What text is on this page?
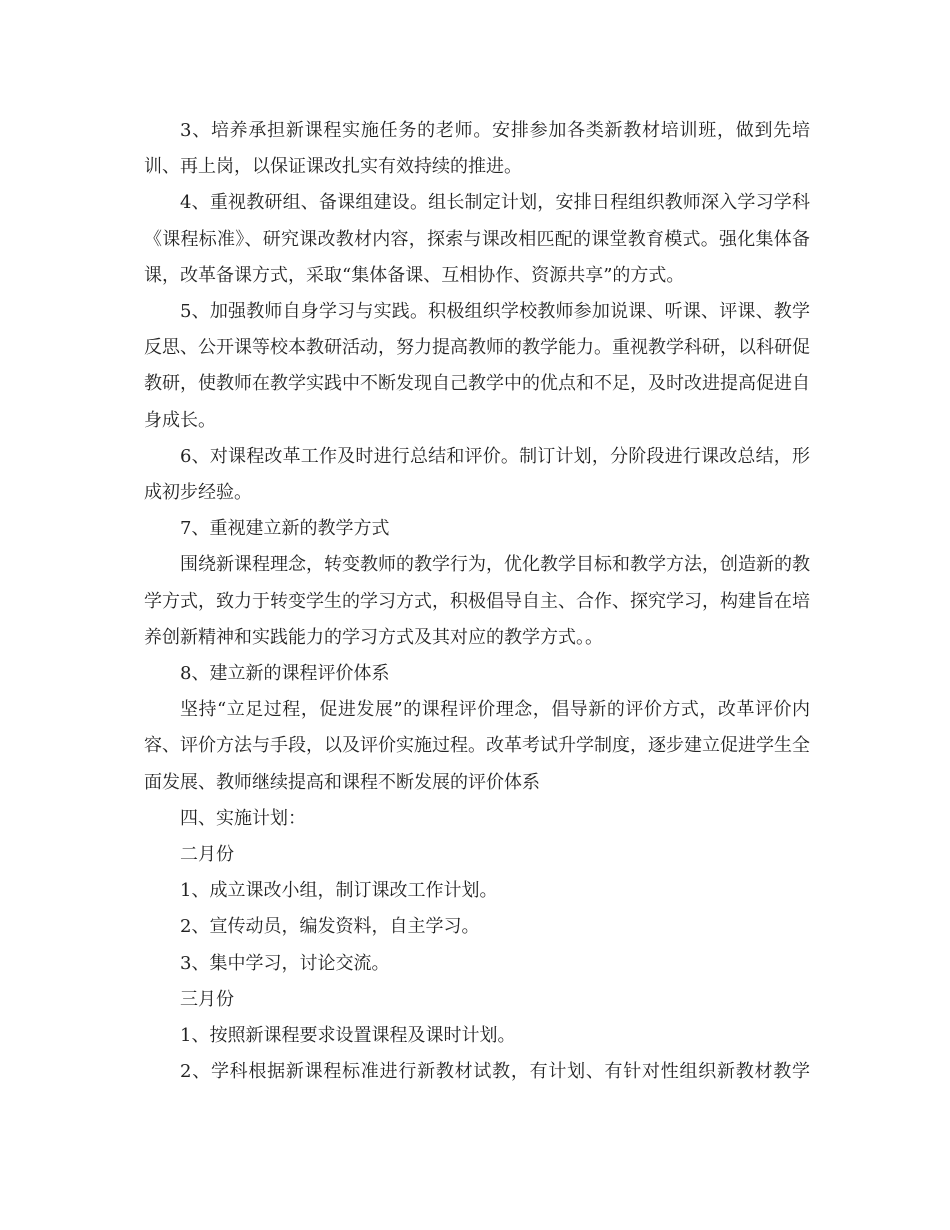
3、培养承担新课程实施任务的老师。安排参加各类新教材培训班，做到先培训、再上岗，以保证课改扎实有效持续的推进。

4、重视教研组、备课组建设。组长制定计划，安排日程组织教师深入学习学科《课程标准》、研究课改教材内容，探索与课改相匹配的课堂教育模式。强化集体备课，改革备课方式，采取“集体备课、互相协作、资源共享”的方式。

5、加强教师自身学习与实践。积极组织学校教师参加说课、听课、评课、教学反思、公开课等校本教研活动，努力提高教师的教学能力。重视教学科研，以科研促教研，使教师在教学实践中不断发现自己教学中的优点和不足，及时改进提高促进自身成长。

6、对课程改革工作及时进行总结和评价。制订计划，分阶段进行课改总结，形成初步经验。

7、重视建立新的教学方式

围绕新课程理念，转变教师的教学行为，优化教学目标和教学方法，创造新的教学方式，致力于转变学生的学习方式，积极倡导自主、合作、探究学习，构建旨在培养创新精神和实践能力的学习方式及其对应的教学方式。。

8、建立新的课程评价体系

坚持“立足过程，促进发展”的课程评价理念，倡导新的评价方式，改革评价内容、评价方法与手段，以及评价实施过程。改革考试升学制度，逐步建立促进学生全面发展、教师继续提高和课程不断发展的评价体系

四、实施计划：

二月份

1、成立课改小组，制订课改工作计划。

2、宣传动员，编发资料，自主学习。

3、集中学习，讨论交流。

三月份

1、按照新课程要求设置课程及课时计划。

2、学科根据新课程标准进行新教材试教，有计划、有针对性组织新教材教学
